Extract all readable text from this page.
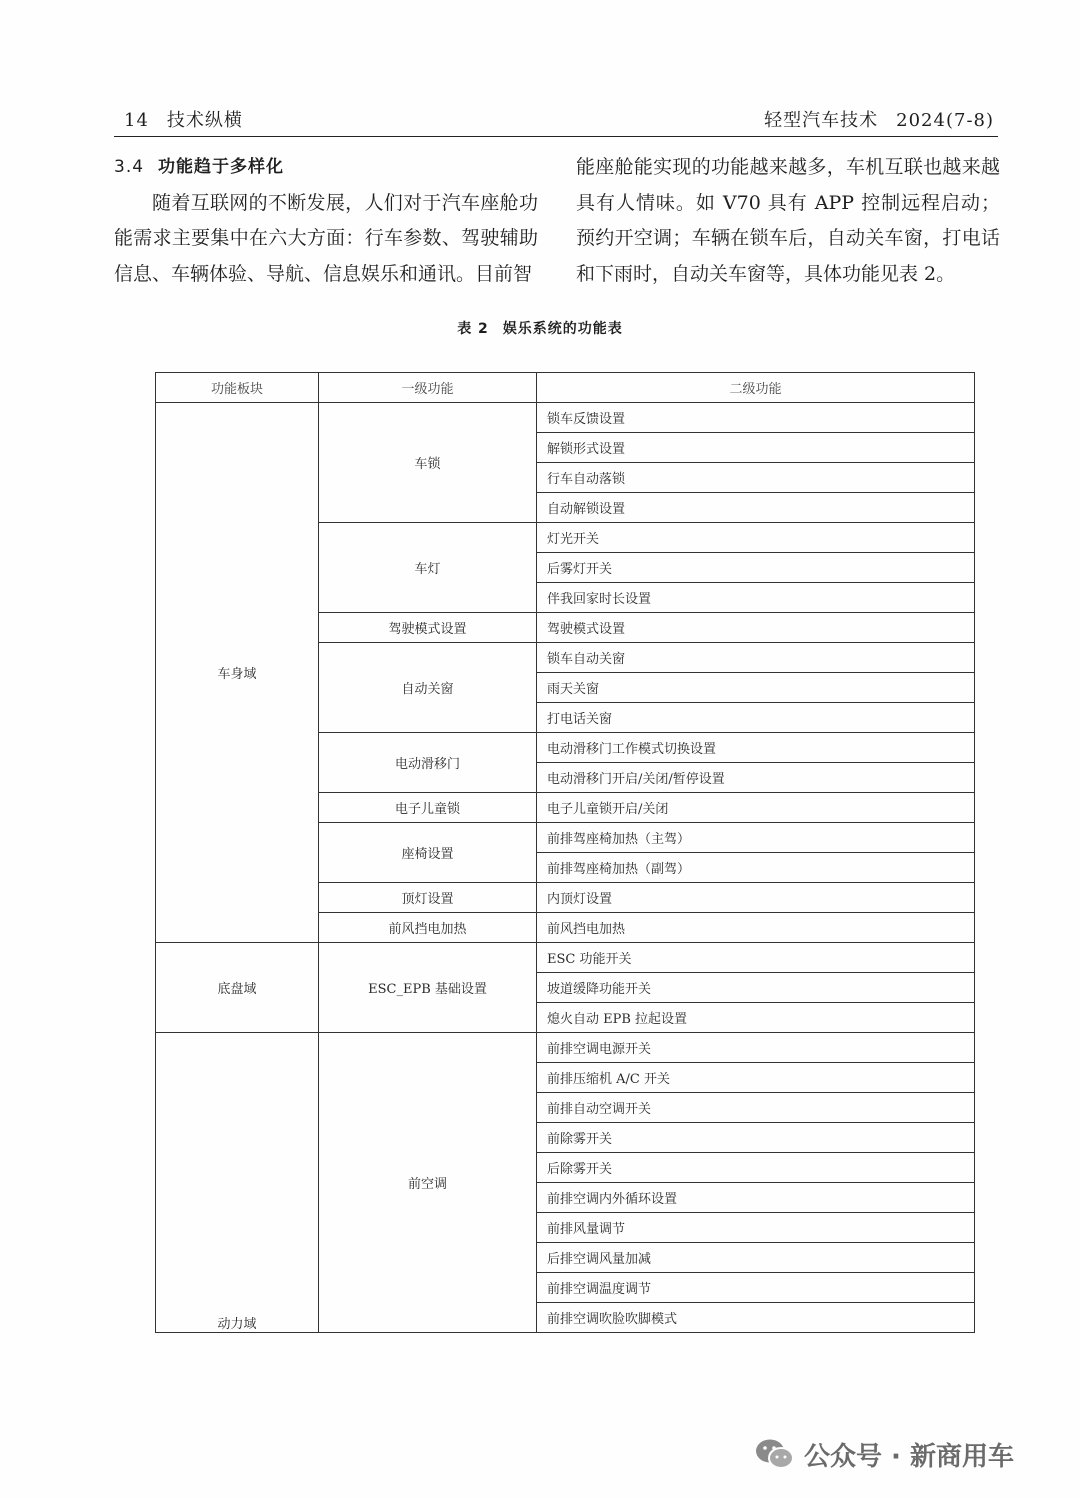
14 技术纵横	轻型汽车技术 2024(7-8)
3.4 功能趋于多样化
随着互联网的不断发展，人们对于汽车座舱功能需求主要集中在六大方面：行车参数、驾驶辅助信息、车辆体验、导航、信息娱乐和通讯。目前智
能座舱能实现的功能越来越多，车机互联也越来越具有人情味。如 V70 具有 APP 控制远程启动；预约开空调；车辆在锁车后，自动关车窗，打电话和下雨时，自动关车窗等，具体功能见表 2。
表 2 娱乐系统的功能表
功能板块	一级功能	二级功能
车身域	车锁	锁车反馈设置
		解锁形式设置
		行车自动落锁
		自动解锁设置
	车灯	灯光开关
		后雾灯开关
		伴我回家时长设置
	驾驶模式设置	驾驶模式设置
	自动关窗	锁车自动关窗
		雨天关窗
		打电话关窗
	电动滑移门	电动滑移门工作模式切换设置
		电动滑移门开启/关闭/暂停设置
	电子儿童锁	电子儿童锁开启/关闭
	座椅设置	前排驾座椅加热（主驾）
		前排驾座椅加热（副驾）
	顶灯设置	内顶灯设置
	前风挡电加热	前风挡电加热
底盘域	ESC_EPB 基础设置	ESC 功能开关
		坡道缓降功能开关
		熄火自动 EPB 拉起设置
动力域	前空调	前排空调电源开关
		前排压缩机 A/C 开关
		前排自动空调开关
		前除雾开关
		后除雾开关
		前排空调内外循环设置
		前排风量调节
		后排空调风量加减
		前排空调温度调节
		前排空调吹脸吹脚模式
公众号 · 新商用车
